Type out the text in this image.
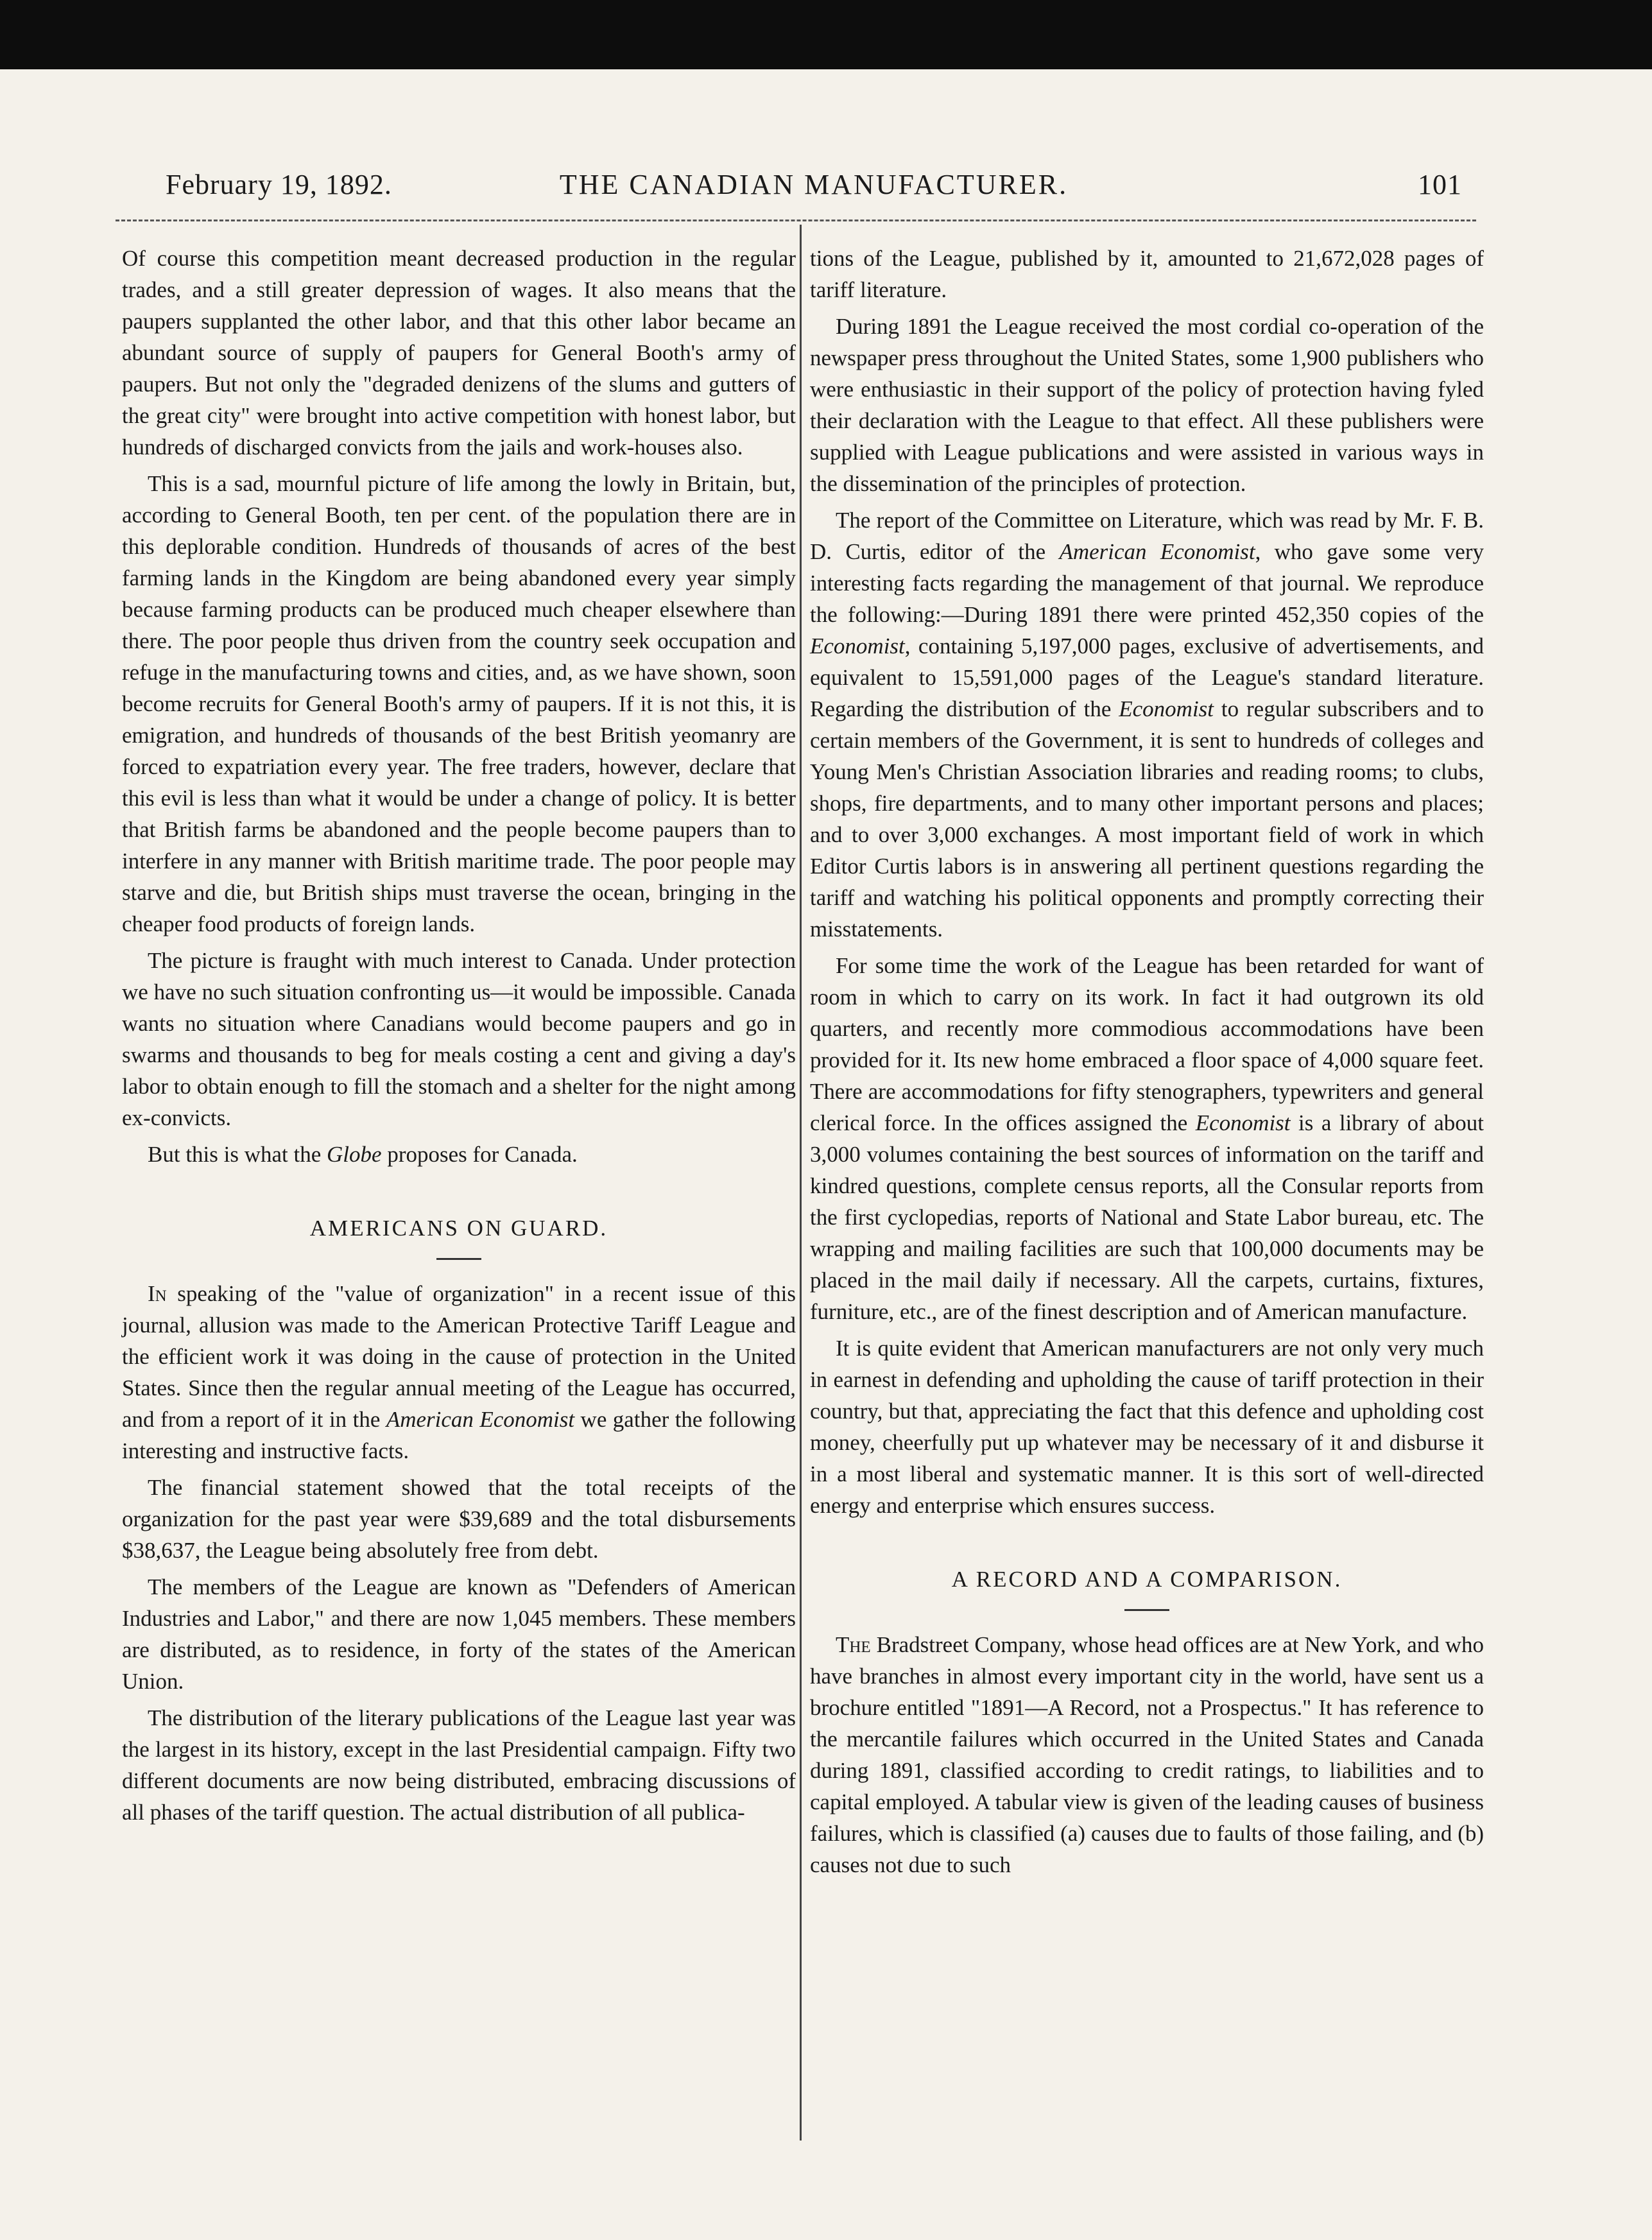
February 19, 1892.	THE CANADIAN MANUFACTURER.	101

Of course this competition meant decreased production in the regular trades, and a still greater depression of wages. It also means that the paupers supplanted the other labor, and that this other labor became an abundant source of supply of paupers for General Booth's army of paupers. But not only the "degraded denizens of the slums and gutters of the great city" were brought into active competition with honest labor, but hundreds of discharged convicts from the jails and work-houses also.

This is a sad, mournful picture of life among the lowly in Britain, but, according to General Booth, ten per cent. of the population there are in this deplorable condition. Hundreds of thousands of acres of the best farming lands in the Kingdom are being abandoned every year simply because farming products can be produced much cheaper elsewhere than there. The poor people thus driven from the country seek occupation and refuge in the manufacturing towns and cities, and, as we have shown, soon become recruits for General Booth's army of paupers. If it is not this, it is emigration, and hundreds of thousands of the best British yeomanry are forced to expatriation every year. The free traders, however, declare that this evil is less than what it would be under a change of policy. It is better that British farms be abandoned and the people become paupers than to interfere in any manner with British maritime trade. The poor people may starve and die, but British ships must traverse the ocean, bringing in the cheaper food products of foreign lands.

The picture is fraught with much interest to Canada. Under protection we have no such situation confronting us—it would be impossible. Canada wants no situation where Canadians would become paupers and go in swarms and thousands to beg for meals costing a cent and giving a day's labor to obtain enough to fill the stomach and a shelter for the night among ex-convicts.

But this is what the Globe proposes for Canada.

AMERICANS ON GUARD.

In speaking of the "value of organization" in a recent issue of this journal, allusion was made to the American Protective Tariff League and the efficient work it was doing in the cause of protection in the United States. Since then the regular annual meeting of the League has occurred, and from a report of it in the American Economist we gather the following interesting and instructive facts.

The financial statement showed that the total receipts of the organization for the past year were $39,689 and the total disbursements $38,637, the League being absolutely free from debt.

The members of the League are known as "Defenders of American Industries and Labor," and there are now 1,045 members. These members are distributed, as to residence, in forty of the states of the American Union.

The distribution of the literary publications of the League last year was the largest in its history, except in the last Presidential campaign. Fifty two different documents are now being distributed, embracing discussions of all phases of the tariff question. The actual distribution of all publica-

tions of the League, published by it, amounted to 21,672,028 pages of tariff literature.

During 1891 the League received the most cordial co-operation of the newspaper press throughout the United States, some 1,900 publishers who were enthusiastic in their support of the policy of protection having fyled their declaration with the League to that effect. All these publishers were supplied with League publications and were assisted in various ways in the dissemination of the principles of protection.

The report of the Committee on Literature, which was read by Mr. F. B. D. Curtis, editor of the American Economist, who gave some very interesting facts regarding the management of that journal. We reproduce the following:—During 1891 there were printed 452,350 copies of the Economist, containing 5,197,000 pages, exclusive of advertisements, and equivalent to 15,591,000 pages of the League's standard literature. Regarding the distribution of the Economist to regular subscribers and to certain members of the Government, it is sent to hundreds of colleges and Young Men's Christian Association libraries and reading rooms; to clubs, shops, fire departments, and to many other important persons and places; and to over 3,000 exchanges. A most important field of work in which Editor Curtis labors is in answering all pertinent questions regarding the tariff and watching his political opponents and promptly correcting their misstatements.

For some time the work of the League has been retarded for want of room in which to carry on its work. In fact it had outgrown its old quarters, and recently more commodious accommodations have been provided for it. Its new home embraced a floor space of 4,000 square feet. There are accommodations for fifty stenographers, typewriters and general clerical force. In the offices assigned the Economist is a library of about 3,000 volumes containing the best sources of information on the tariff and kindred questions, complete census reports, all the Consular reports from the first cyclopedias, reports of National and State Labor bureau, etc. The wrapping and mailing facilities are such that 100,000 documents may be placed in the mail daily if necessary. All the carpets, curtains, fixtures, furniture, etc., are of the finest description and of American manufacture.

It is quite evident that American manufacturers are not only very much in earnest in defending and upholding the cause of tariff protection in their country, but that, appreciating the fact that this defence and upholding cost money, cheerfully put up whatever may be necessary of it and disburse it in a most liberal and systematic manner. It is this sort of well-directed energy and enterprise which ensures success.

A RECORD AND A COMPARISON.

The Bradstreet Company, whose head offices are at New York, and who have branches in almost every important city in the world, have sent us a brochure entitled "1891—A Record, not a Prospectus." It has reference to the mercantile failures which occurred in the United States and Canada during 1891, classified according to credit ratings, to liabilities and to capital employed. A tabular view is given of the leading causes of business failures, which is classified (a) causes due to faults of those failing, and (b) causes not due to such
